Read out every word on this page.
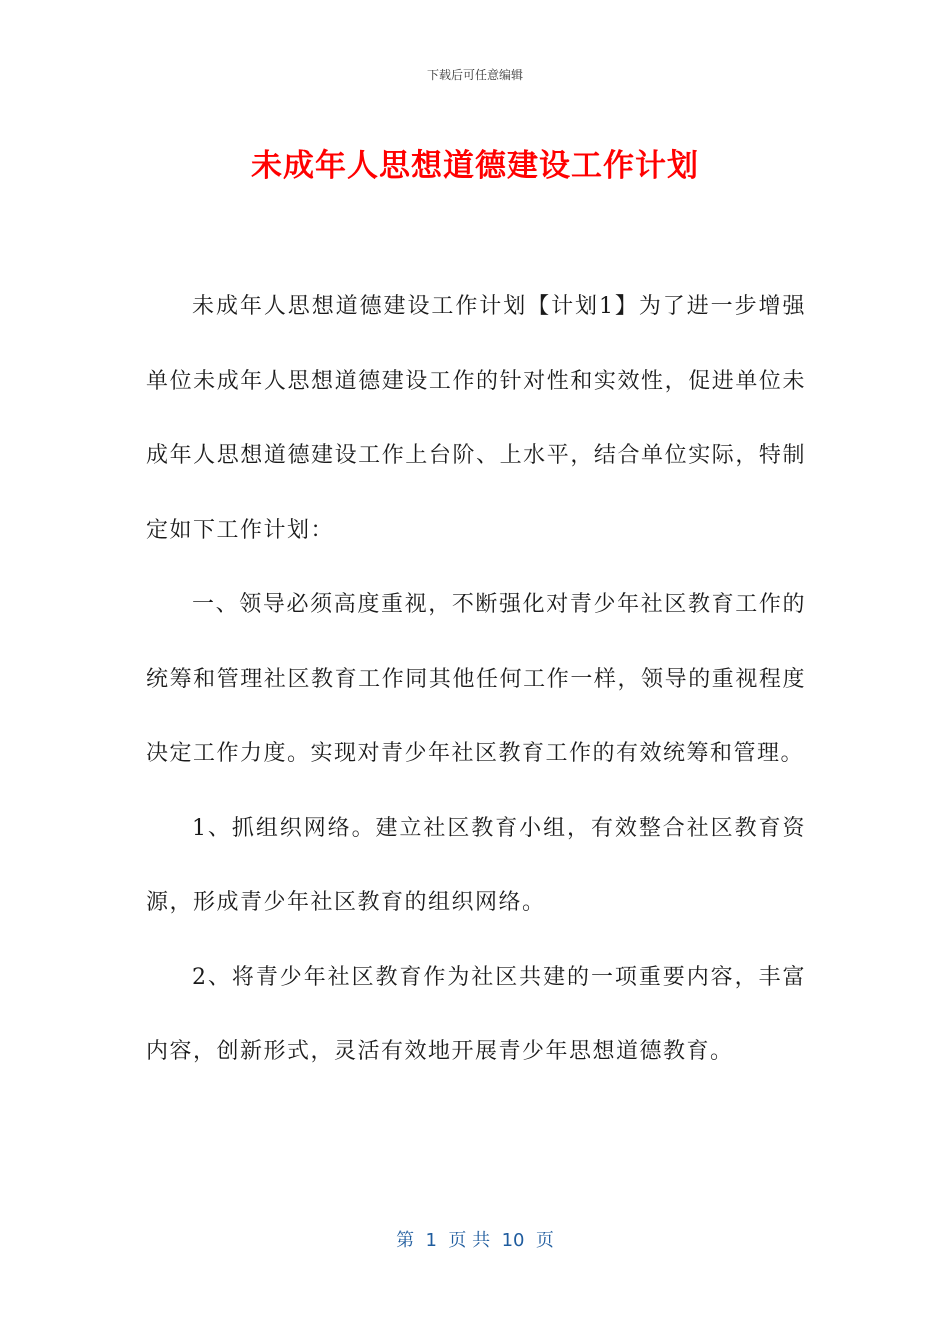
下载后可任意编辑
未成年人思想道德建设工作计划

未成年人思想道德建设工作计划【计划1】为了进一步增强单位未成年人思想道德建设工作的针对性和实效性，促进单位未成年人思想道德建设工作上台阶、上水平，结合单位实际，特制定如下工作计划：

一、领导必须高度重视，不断强化对青少年社区教育工作的统筹和管理社区教育工作同其他任何工作一样，领导的重视程度决定工作力度。实现对青少年社区教育工作的有效统筹和管理。

1、抓组织网络。建立社区教育小组，有效整合社区教育资源，形成青少年社区教育的组织网络。

2、将青少年社区教育作为社区共建的一项重要内容，丰富内容，创新形式，灵活有效地开展青少年思想道德教育。

第  1  页 共  10  页
